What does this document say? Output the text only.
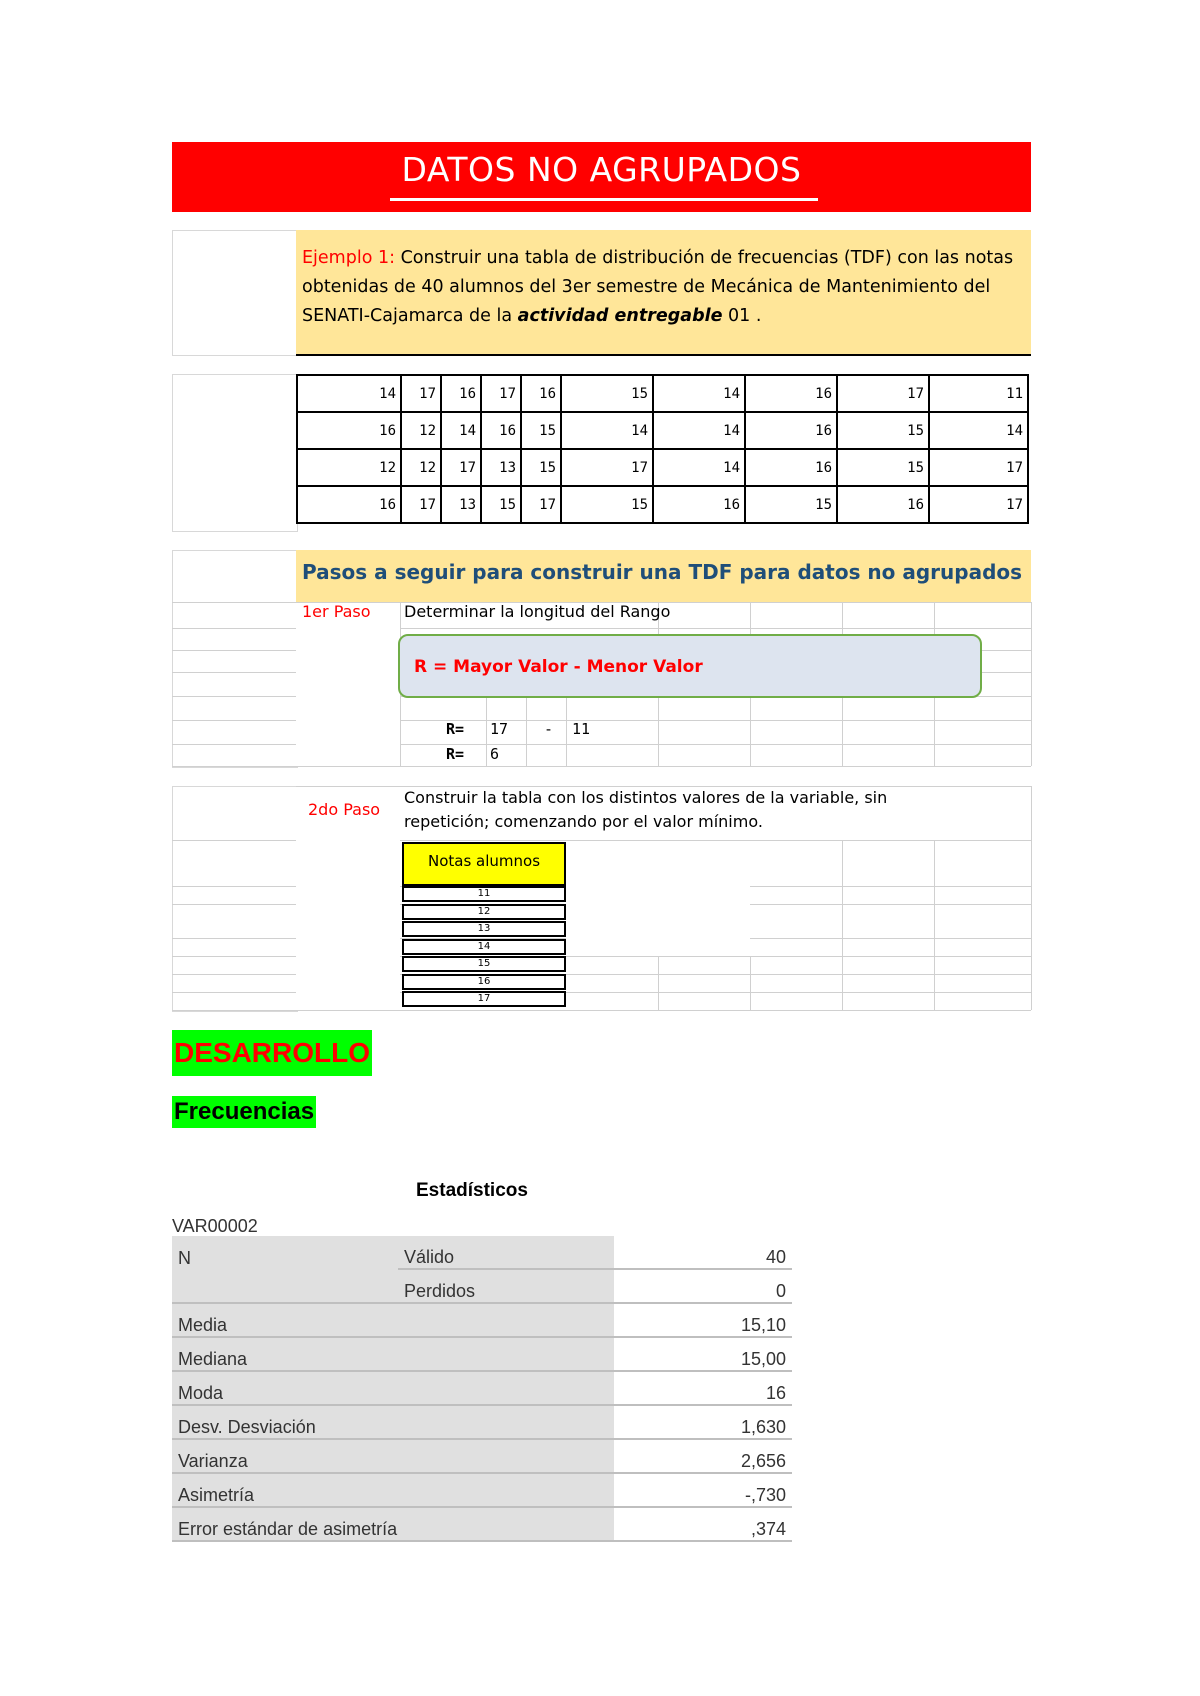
DATOS NO AGRUPADOS
Ejemplo 1: Construir una tabla de distribución de frecuencias (TDF) con las notas obtenidas de 40 alumnos del 3er semestre de Mecánica de Mantenimiento del SENATI-Cajamarca de la actividad entregable 01 .
14	17	16	17	16	15	14	16	17	11
16	12	14	16	15	14	14	16	15	14
12	12	17	13	15	17	14	16	15	17
16	17	13	15	17	15	16	15	16	17
Pasos a seguir para construir una TDF para datos no agrupados
1er Paso Determinar la longitud del Rango
R = Mayor Valor - Menor Valor
R= 17 - 11
R= 6
2do Paso
Construir la tabla con los distintos valores de la variable, sin
repetición; comenzando por el valor mínimo.
Notas alumnos
11
12
13
14
15
16
17
DESARROLLO
Frecuencias
Estadísticos
VAR00002
N	Válido	40
	Perdidos	0
Media		15,10
Mediana		15,00
Moda		16
Desv. Desviación		1,630
Varianza		2,656
Asimetría		-,730
Error estándar de asimetría		,374
